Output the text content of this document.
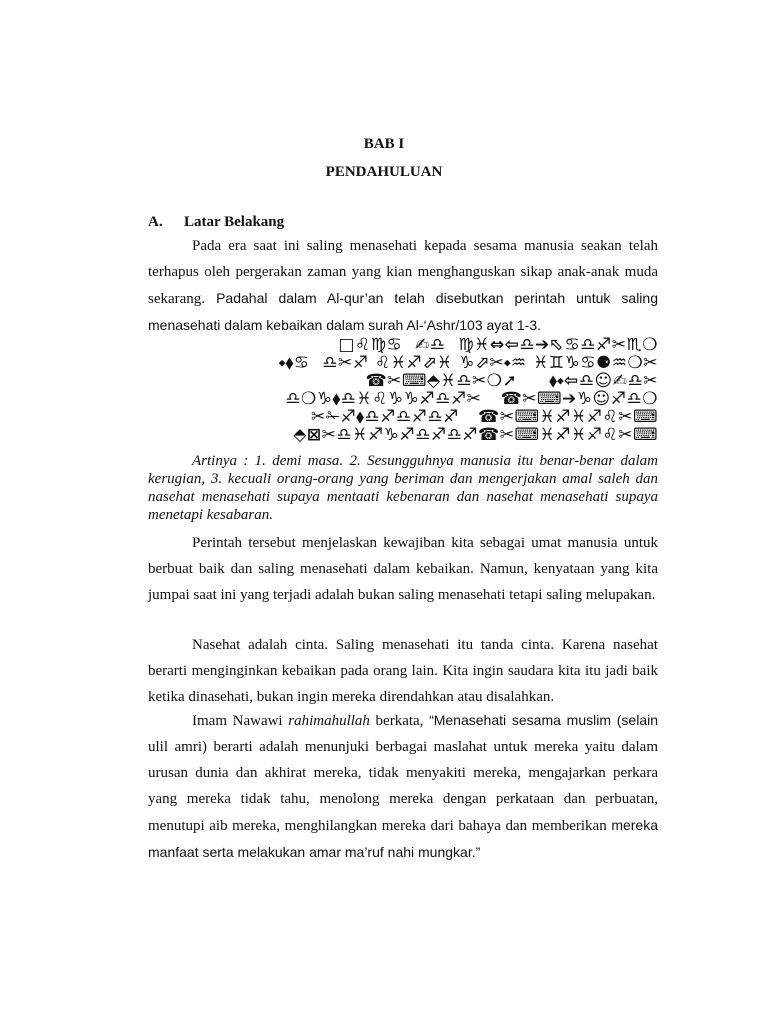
BAB I
PENDAHULUAN
A. Latar Belakang
Pada era saat ini saling menasehati kepada sesama manusia seakan telah terhapus oleh pergerakan zaman yang kian menghanguskan sikap anak-anak muda sekarang. Padahal dalam Al-qur’an telah disebutkan perintah untuk saling menasehati dalam kebaikan dalam surah Al-‘Ashr/103 ayat 1-3.
□♌♍♋  ✍♎  ♍♓⇔⇦♎➔⬁♋♎♐✂♏❍
⬩⬧♋  ♎✂♐ ♌♓♐⬀♓ ♑⬀✂⬩♒ ♓♊♑♋⚈♒❍✂
☎✂⌨⬘♓♎✂❍➚     ⬧⬩⇦♎☺✍♎✂
♎❍♑⬧♎♓♌♑♑♐♎♐✂   ☎✂⌨➔♑☺♐♎❍
✂✁♐⬧♎♐♎♐♎♐   ☎✂⌨♓♐♓♐♌✂⌨
⬘⊠✂♎♓♐♑♐♎♐♎♐☎✂⌨♓♐♓♐♌✂⌨

Artinya : 1. demi masa. 2. Sesungguhnya manusia itu benar-benar dalam kerugian, 3. kecuali orang-orang yang beriman dan mengerjakan amal saleh dan nasehat menasehati supaya mentaati kebenaran dan nasehat menasehati supaya menetapi kesabaran.

Perintah tersebut menjelaskan kewajiban kita sebagai umat manusia untuk berbuat baik dan saling menasehati dalam kebaikan. Namun, kenyataan yang kita jumpai saat ini yang terjadi adalah bukan saling menasehati tetapi saling melupakan.
Nasehat adalah cinta. Saling menasehati itu tanda cinta. Karena nasehat berarti menginginkan kebaikan pada orang lain. Kita ingin saudara kita itu jadi baik ketika dinasehati, bukan ingin mereka direndahkan atau disalahkan.
Imam Nawawi rahimahullah berkata, “Menasehati sesama muslim (selain ulil amri) berarti adalah menunjuki berbagai maslahat untuk mereka yaitu dalam urusan dunia dan akhirat mereka, tidak menyakiti mereka, mengajarkan perkara yang mereka tidak tahu, menolong mereka dengan perkataan dan perbuatan, menutupi aib mereka, menghilangkan mereka dari bahaya dan memberikan mereka manfaat serta melakukan amar ma’ruf nahi mungkar.”
